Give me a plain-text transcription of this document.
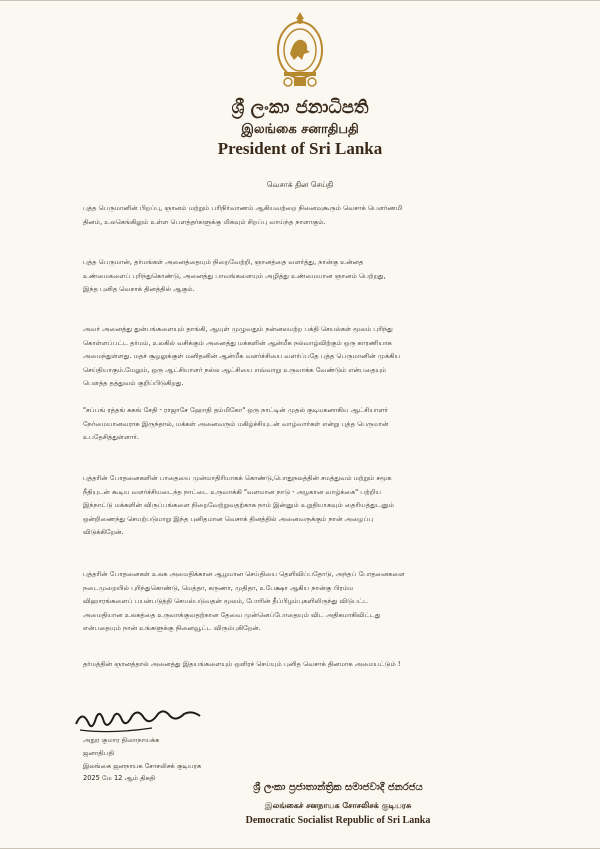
ශ්‍රී ලංකා ජනාධිපති
இலங்கை சனாதிபதி
President of Sri Lanka
வெசாக் தின செய்தி
புத்த பெருமானின் பிறப்பு, ஞானம் மற்றும் பரிநிர்வாணம் ஆகியவற்றை நினைவுகூரும் வெசாக் பௌர்ணமி
தினம், உலகெங்கிலும் உள்ள பௌத்தர்களுக்கு மிகவும் சிறப்பு வாய்ந்த நாளாகும்.
புத்த பெருமான், தர்மங்கள் அனைத்தையும் நிறைவேற்றி, ஞானத்தை வளர்த்து, நான்கு உன்னத
உண்மைகளைப் புரிந்துகொண்டு, அனைத்து பாவங்களையும் அழித்து உண்மையான ஞானம் பெற்றது,
இந்த புனித வெசாக் தினத்தில் ஆகும்.
அவர் அனைத்து துன்பங்களையும் தாங்கி, ஆயுள் முழுவதும் நன்னலமற்ற பக்தி செயல்கள் மூலம் புரிந்து
கொள்ளப்பட்ட தர்மம், உலகில் வசிக்கும் அனைத்து மக்களின் ஆன்மீக நல்வாழ்விற்கும் ஒரு காரணியாக
அமைந்துள்ளது. மதச் சூழலுக்குள் மனிதனின் ஆன்மீக வளர்ச்சியை வளர்ப்பதே புத்த பெருமானின் முக்கிய
செய்தியாகும்.மேலும், ஒரு ஆட்சியாளர் நல்ல ஆட்சியை எவ்வாறு உருவாக்க வேண்டும் என்பதையும்
பௌத்த தத்துவம் குறிப்பிடுகிறது.
"சப்பங் ரத்தங் சுகங் சேதி - ராஜாசே ஹோதி தம்மிகோ" ஒரு நாட்டின் முதல் குடிமகனாகிய ஆட்சியாளர்
நேர்மையானவராக இருந்தால், மக்கள் அனைவரும் மகிழ்ச்சியுடன் வாழ்வார்கள் என்று புத்த பெருமான்
உபதேசித்துள்ளார்.
புத்தரின் போதனைகளின் பாதையை முன்மாதிரியாகக் கொண்டு,பொதுநலத்தின் சமத்துவம் மற்றும் சமூக
நீதியுடன் கூடிய வளர்ச்சியடைந்த நாட்டை உருவாக்கி "வளமான நாடு - அழகான வாழ்க்கை" பற்றிய
இந்நாட்டு மக்களின் விருப்பங்களை நிறைவேற்றுவதற்காக நாம் இன்னும் உறுதியாகவும் தைரியத்துடனும்
ஒன்றிணைந்து செயற்படுமாறு இந்த புனிதமான வெசாக் தினத்தில் அனைவருக்கும் நான் அழைப்பு
விடுக்கிறேன்.
புத்தரின் போதனைகள் உலக அமைதிக்கான ஆழமான செய்தியை தெளிவிப்பதோடு, அந்தப் போதனைகளை
நடைமுறையில் புரிந்துகொண்டு, மெத்தா, கருணா, முதிதா, உபேக்ஷா ஆகிய நான்கு பிரம்ம
விஹாரங்களைப் பயன்படுத்தி செயல்படுவதன் மூலம், போரின் தீப்பிழம்புகளிலிருந்து விடுபட்ட
அமைதியான உலகத்தை உருவாக்குவதற்கான தேவை முன்னெப்போதையும் விட அதிகமாகிவிட்டது
என்பதையும் நான் உங்களுக்கு நினைவூட்ட விரும்புகிறேன்.
தர்மத்தின் ஞானத்தால் அனைத்து இதயங்களையும் ஒளிரச் செய்யும் புனித வெசாக் தினமாக அமையட்டும் !
அநுர குமார திஸாநாயக்க
ஜனாதிபதி
இலங்கை ஜனநாயக சோசலிசக் குடியரசு
2025 மே 12 ஆம் திகதி
ශ්‍රී ලංකා ප්‍රජාතාන්ත්‍රික සමාජවාදී ජනරජය
இலங்கைச் சனநாயக சோசலிசக் குடியரசு
Democratic Socialist Republic of Sri Lanka
